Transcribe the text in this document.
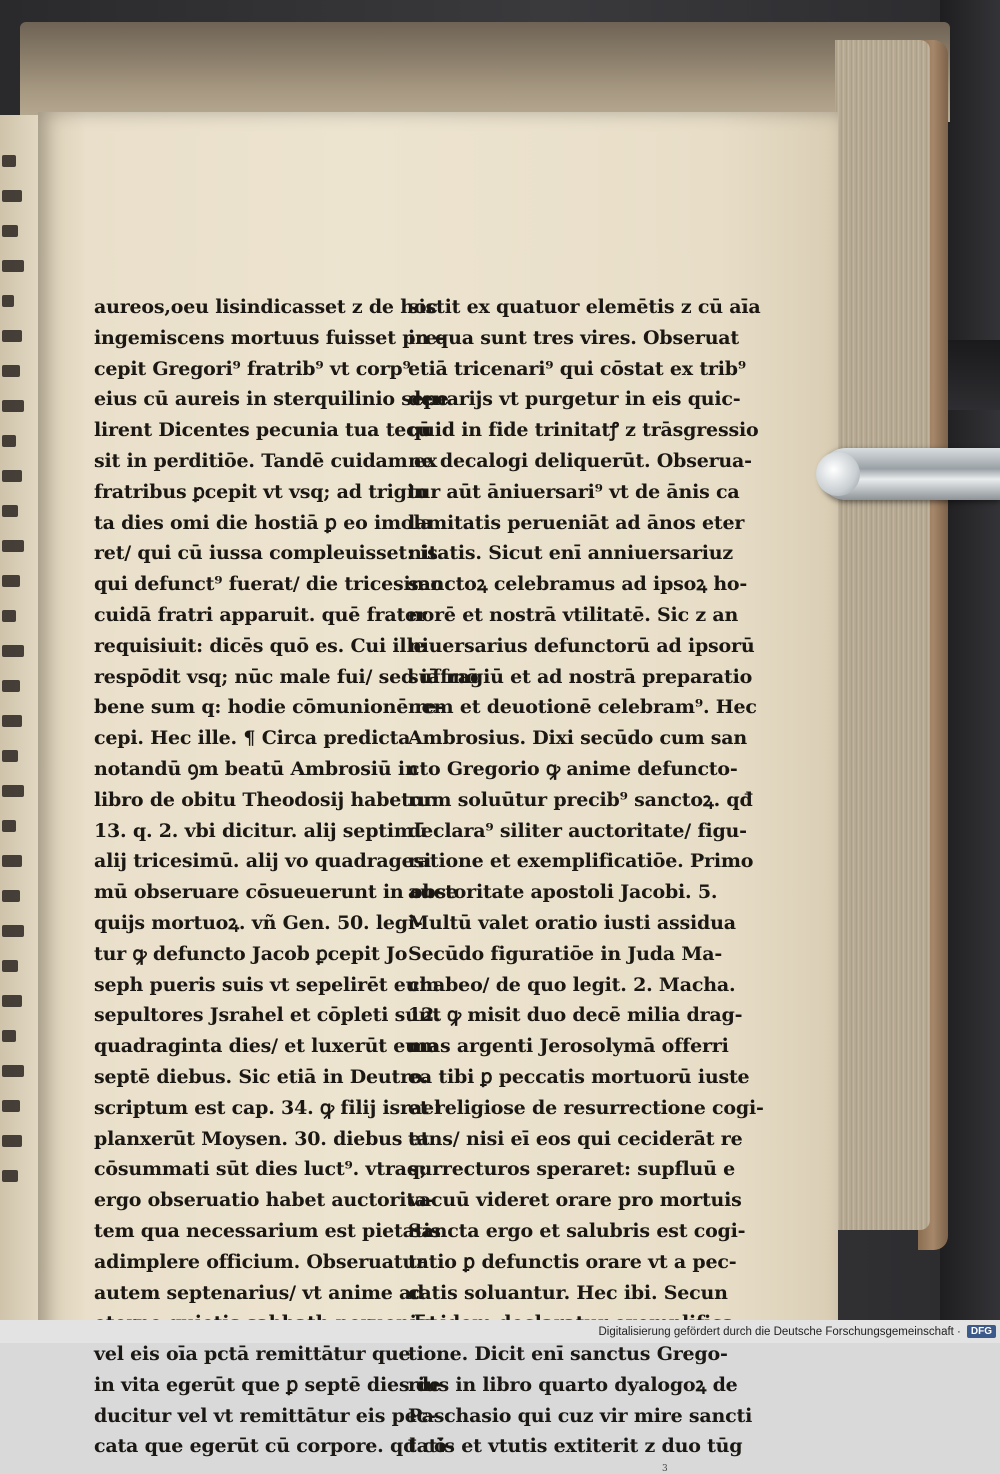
aureos,oeu lisindicasset z de hoc
ingemiscens mortuus fuisset pre-
cepit Gregori⁹ fratrib⁹ vt corp⁹
eius cū aureis in sterquilinio sepe
lirent Dicentes pecunia tua tecū
sit in perditiōe. Tandē cuidam ex
fratribus ꝑcepit vt vsq; ad trigin
ta dies omi die hostiā ꝑ eo imola
ret/ qui cū iussa compleuisset: is
qui defunct⁹ fuerat/ die tricesimo
cuidā fratri apparuit. quē frater
requisiuit: dicēs quō es. Cui ille
respōdit vsq; nūc male fui/ sed iā mō
bene sum q: hodie cōmunionē re-
cepi. Hec ille. ¶ Circa predicta
notandū ꝯm beatū Ambrosiū in
libro de obitu Theodosij habetur
13. q. 2. vbi dicitur. alij septimū
alij tricesimū. alij vo quadragesi
mū obseruare cōsueuerunt in obse
quijs mortuoꝝ. vñ Gen. 50. legi-
tur ꝙ defuncto Jacob ꝑcepit Jo
seph pueris suis vt sepelirēt eum
sepultores Jsrahel et cōpleti sunt
quadraginta dies/ et luxerūt eum
septē diebus. Sic etiā in Deutro.
scriptum est cap. 34. ꝙ filij israel
planxerūt Moysen. 30. diebus et
cōsummati sūt dies luct⁹. vtraq;
ergo obseruatio habet auctorita-
tem qua necessarium est pietatis
adimplere officium. Obseruatur
autem septenarius/ vt anime ad
vel eis oīa pctā remittātur que
in vita egerūt que ꝑ septē dies de
ducitur vel vt remittātur eis pec-
cata que egerūt cū corpore. qđ cō-
sistit ex quatuor elemētis z cū aīa
in qua sunt tres vires. Obseruat
etiā tricenari⁹ qui cōstat ex trib⁹
denarijs vt purgetur in eis quic-
quid in fide trinitatꝭ z trāsgressio
ne decalogi deliquerūt. Obserua-
tur aūt āniuersari⁹ vt de ānis ca
lamitatis perueniāt ad ānos eter
nitatis. Sicut enī anniuersariuz
sanctoꝝ celebramus ad ipsoꝝ ho-
norē et nostrā vtilitatē. Sic z an
niuersarius defunctorū ad ipsorū
suffragiū et ad nostrā preparatio
nem et deuotionē celebram⁹. Hec
Ambrosius. Dixi secūdo cum san
cto Gregorio ꝙ anime defuncto-
rum soluūtur precib⁹ sanctoꝝ. qđ
declara⁹ siliter auctoritate/ figu-
ratione et exemplificatiōe. Primo
auctoritate apostoli Jacobi. 5.
Multū valet oratio iusti assidua
Secūdo figuratiōe in Juda Ma-
chabeo/ de quo legit. 2. Macha.
12. ꝙ misit duo decē milia drag-
mas argenti Jerosolymā offerri
ea tibi ꝑ peccatis mortuorū iuste
et religiose de resurrectione cogi-
tans/ nisi eī eos qui ceciderāt re
surrecturos speraret: supfluū e
vacuū videret orare pro mortuis
Sancta ergo et salubris est cogi-
tatio ꝑ defunctis orare vt a pec-
catis soluantur. Hec ibi. Secun
tione. Dicit enī sanctus Grego-
rius in libro quarto dyalogoꝝ de
Paschasio qui cuz vir mire sancti
tatis et vtutis extiterit z duo tūg
3
Digitalisierung gefördert durch die Deutsche Forschungsgemeinschaft ·	DFG
